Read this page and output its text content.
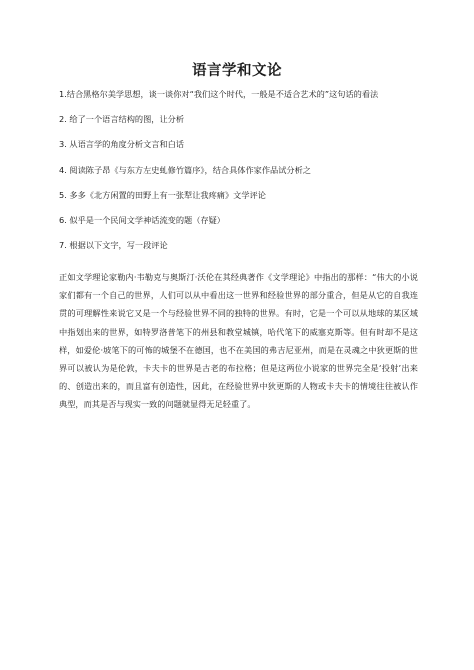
语言学和文论
1.结合黑格尔美学思想，谈一谈你对“我们这个时代，一般是不适合艺术的”这句话的看法
2. 给了一个语言结构的图，让分析
3. 从语言学的角度分析文言和白话
4. 阅读陈子昂《与东方左史虬修竹篇序》，结合具体作家作品试分析之
5. 多多《北方闲置的田野上有一张犁让我疼痛》文学评论
6. 似乎是一个民间文学神话流变的题（存疑）
7. 根据以下文字，写一段评论

正如文学理论家勒内·韦勒克与奥斯汀·沃伦在其经典著作《文学理论》中指出的那样：“伟大的小说家们都有一个自己的世界，人们可以从中看出这一世界和经验世界的部分重合，但是从它的自我连贯的可理解性来说它又是一个与经验世界不同的独特的世界。有时，它是一个可以从地球的某区域中指划出来的世界，如特罗洛普笔下的州县和教堂城镇，哈代笔下的威塞克斯等。但有时却不是这样，如爱伦·坡笔下的可怖的城堡不在德国，也不在美国的弗吉尼亚州，而是在灵魂之中狄更斯的世界可以被认为是伦敦，卡夫卡的世界是古老的布拉格；但是这两位小说家的世界完全是‘投射’出来的、创造出来的，而且富有创造性，因此，在经验世界中狄更斯的人物或卡夫卡的情境往往被认作典型，而其是否与现实一致的问题就显得无足轻重了。
